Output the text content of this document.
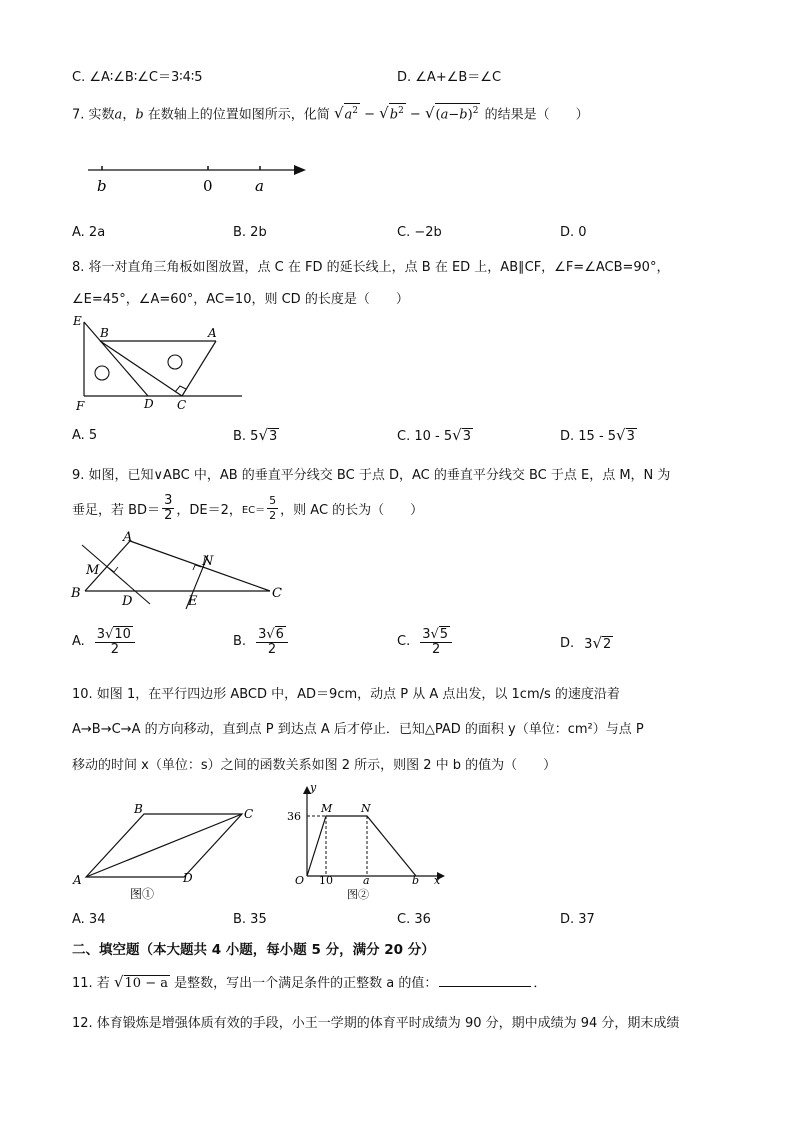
C. ∠A∶∠B∶∠C＝3∶4∶5	D. ∠A+∠B＝∠C
7. 实数a，b 在数轴上的位置如图所示，化简 $√a^2 - √b^2 - √(a-b)^2$ 的结果是（　　）
b	0	a
A. 2a	B. 2b	C. −2b	D. 0
8. 将一对直角三角板如图放置，点 C 在 FD 的延长线上，点 B 在 ED 上，AB∥CF，∠F=∠ACB=90°，
∠E=45°，∠A=60°，AC=10，则 CD 的长度是（　　）
E
B	A
F	D C
A. 5	B. 5√3	C. 10 - 5√3	D. 15 - 5√3
9. 如图，已知∨ABC 中，AB 的垂直平分线交 BC 于点 D，AC 的垂直平分线交 BC 于点 E，点 M，N 为
垂足，若 $BD= \frac{3}{2}$ ，DE＝2， $EC= \frac{5}{2}$ ，则 AC 的长为（　　）
A
M
N
B
D	E
C
A. $\frac{3√10}{2}$	B. $\frac{3√6}{2}$	C. $\frac{3√5}{2}$	D. 3√2
10. 如图 1，在平行四边形 ABCD 中，AD＝9cm，动点 P 从 A 点出发，以 1cm/s 的速度沿着
A→B→C→A 的方向移动，直到点 P 到达点 A 后才停止．已知△PAD 的面积 y（单位：cm²）与点 P
移动的时间 x（单位：s）之间的函数关系如图 2 所示，则图 2 中 b 的值为（　　）
B	C
A	D
图①
y
M	N
36
O 10	a	b x
图②
A. 34	B. 35	C. 36	D. 37
二、填空题（本大题共 4 小题，每小题 5 分，满分 20 分）
11. 若 √10 − a 是整数，写出一个满足条件的正整数 a 的值：	．
12. 体育锻炼是增强体质有效的手段，小王一学期的体育平时成绩为 90 分，期中成绩为 94 分，期末成绩
